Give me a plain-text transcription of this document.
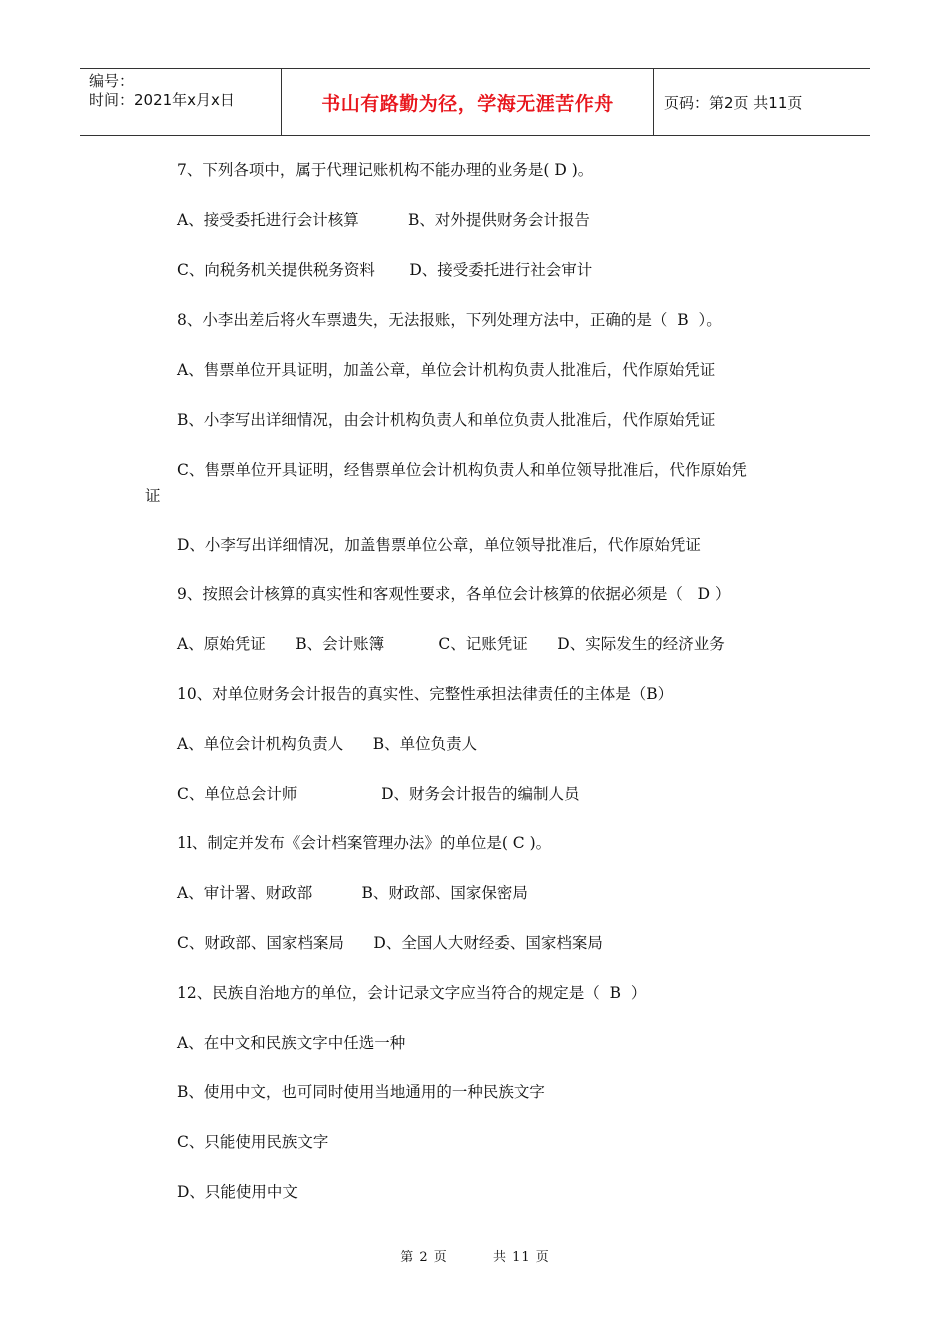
编号：
时间：2021年x月x日	书山有路勤为径，学海无涯苦作舟	页码：第2页 共11页
7、下列各项中，属于代理记账机构不能办理的业务是( D )。
A、接受委托进行会计核算          B、对外提供财务会计报告
C、向税务机关提供税务资料       D、接受委托进行社会审计
8、小李出差后将火车票遗失，无法报账，下列处理方法中，正确的是（  B  ）。
A、售票单位开具证明，加盖公章，单位会计机构负责人批准后，代作原始凭证
B、小李写出详细情况，由会计机构负责人和单位负责人批准后，代作原始凭证
C、售票单位开具证明，经售票单位会计机构负责人和单位领导批准后，代作原始凭
证
D、小李写出详细情况，加盖售票单位公章，单位领导批准后，代作原始凭证
9、按照会计核算的真实性和客观性要求，各单位会计核算的依据必须是（   D ）
A、原始凭证      B、会计账簿           C、记账凭证      D、实际发生的经济业务
10、对单位财务会计报告的真实性、完整性承担法律责任的主体是（B）
A、单位会计机构负责人      B、单位负责人
C、单位总会计师                 D、财务会计报告的编制人员
1l、制定并发布《会计档案管理办法》的单位是( C )。
A、审计署、财政部          B、财政部、国家保密局
C、财政部、国家档案局      D、全国人大财经委、国家档案局
12、民族自治地方的单位，会计记录文字应当符合的规定是（  B  ）
A、在中文和民族文字中任选一种
B、使用中文，也可同时使用当地通用的一种民族文字
C、只能使用民族文字
D、只能使用中文
第 2 页	共 11 页
